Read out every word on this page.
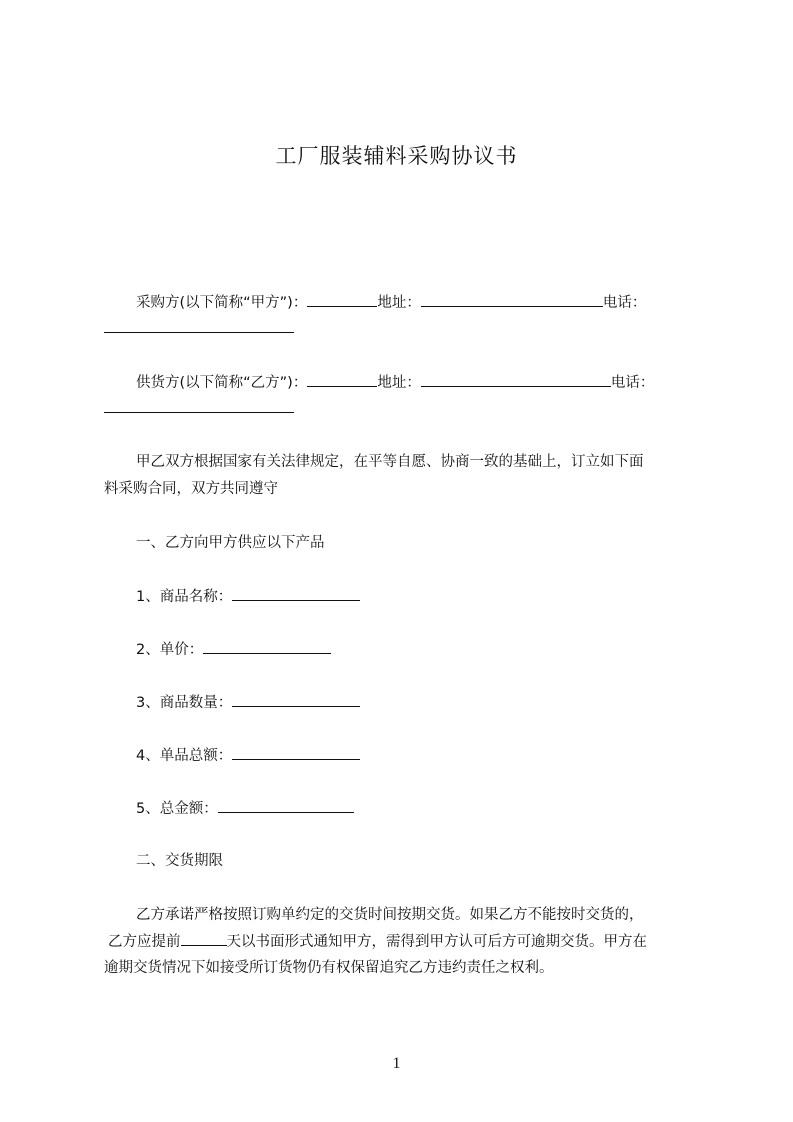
工厂服装辅料采购协议书
采购方(以下简称“甲方”)：	地址：	电话：
供货方(以下简称“乙方”)：	地址：	电话：
甲乙双方根据国家有关法律规定，在平等自愿、协商一致的基础上，订立如下面
料采购合同，双方共同遵守
一、乙方向甲方供应以下产品
1、商品名称：
2、单价：
3、商品数量：
4、单品总额：
5、总金额：
二、交货期限
乙方承诺严格按照订购单约定的交货时间按期交货。如果乙方不能按时交货的，
乙方应提前	天以书面形式通知甲方，需得到甲方认可后方可逾期交货。甲方在
逾期交货情况下如接受所订货物仍有权保留追究乙方违约责任之权利。
1
